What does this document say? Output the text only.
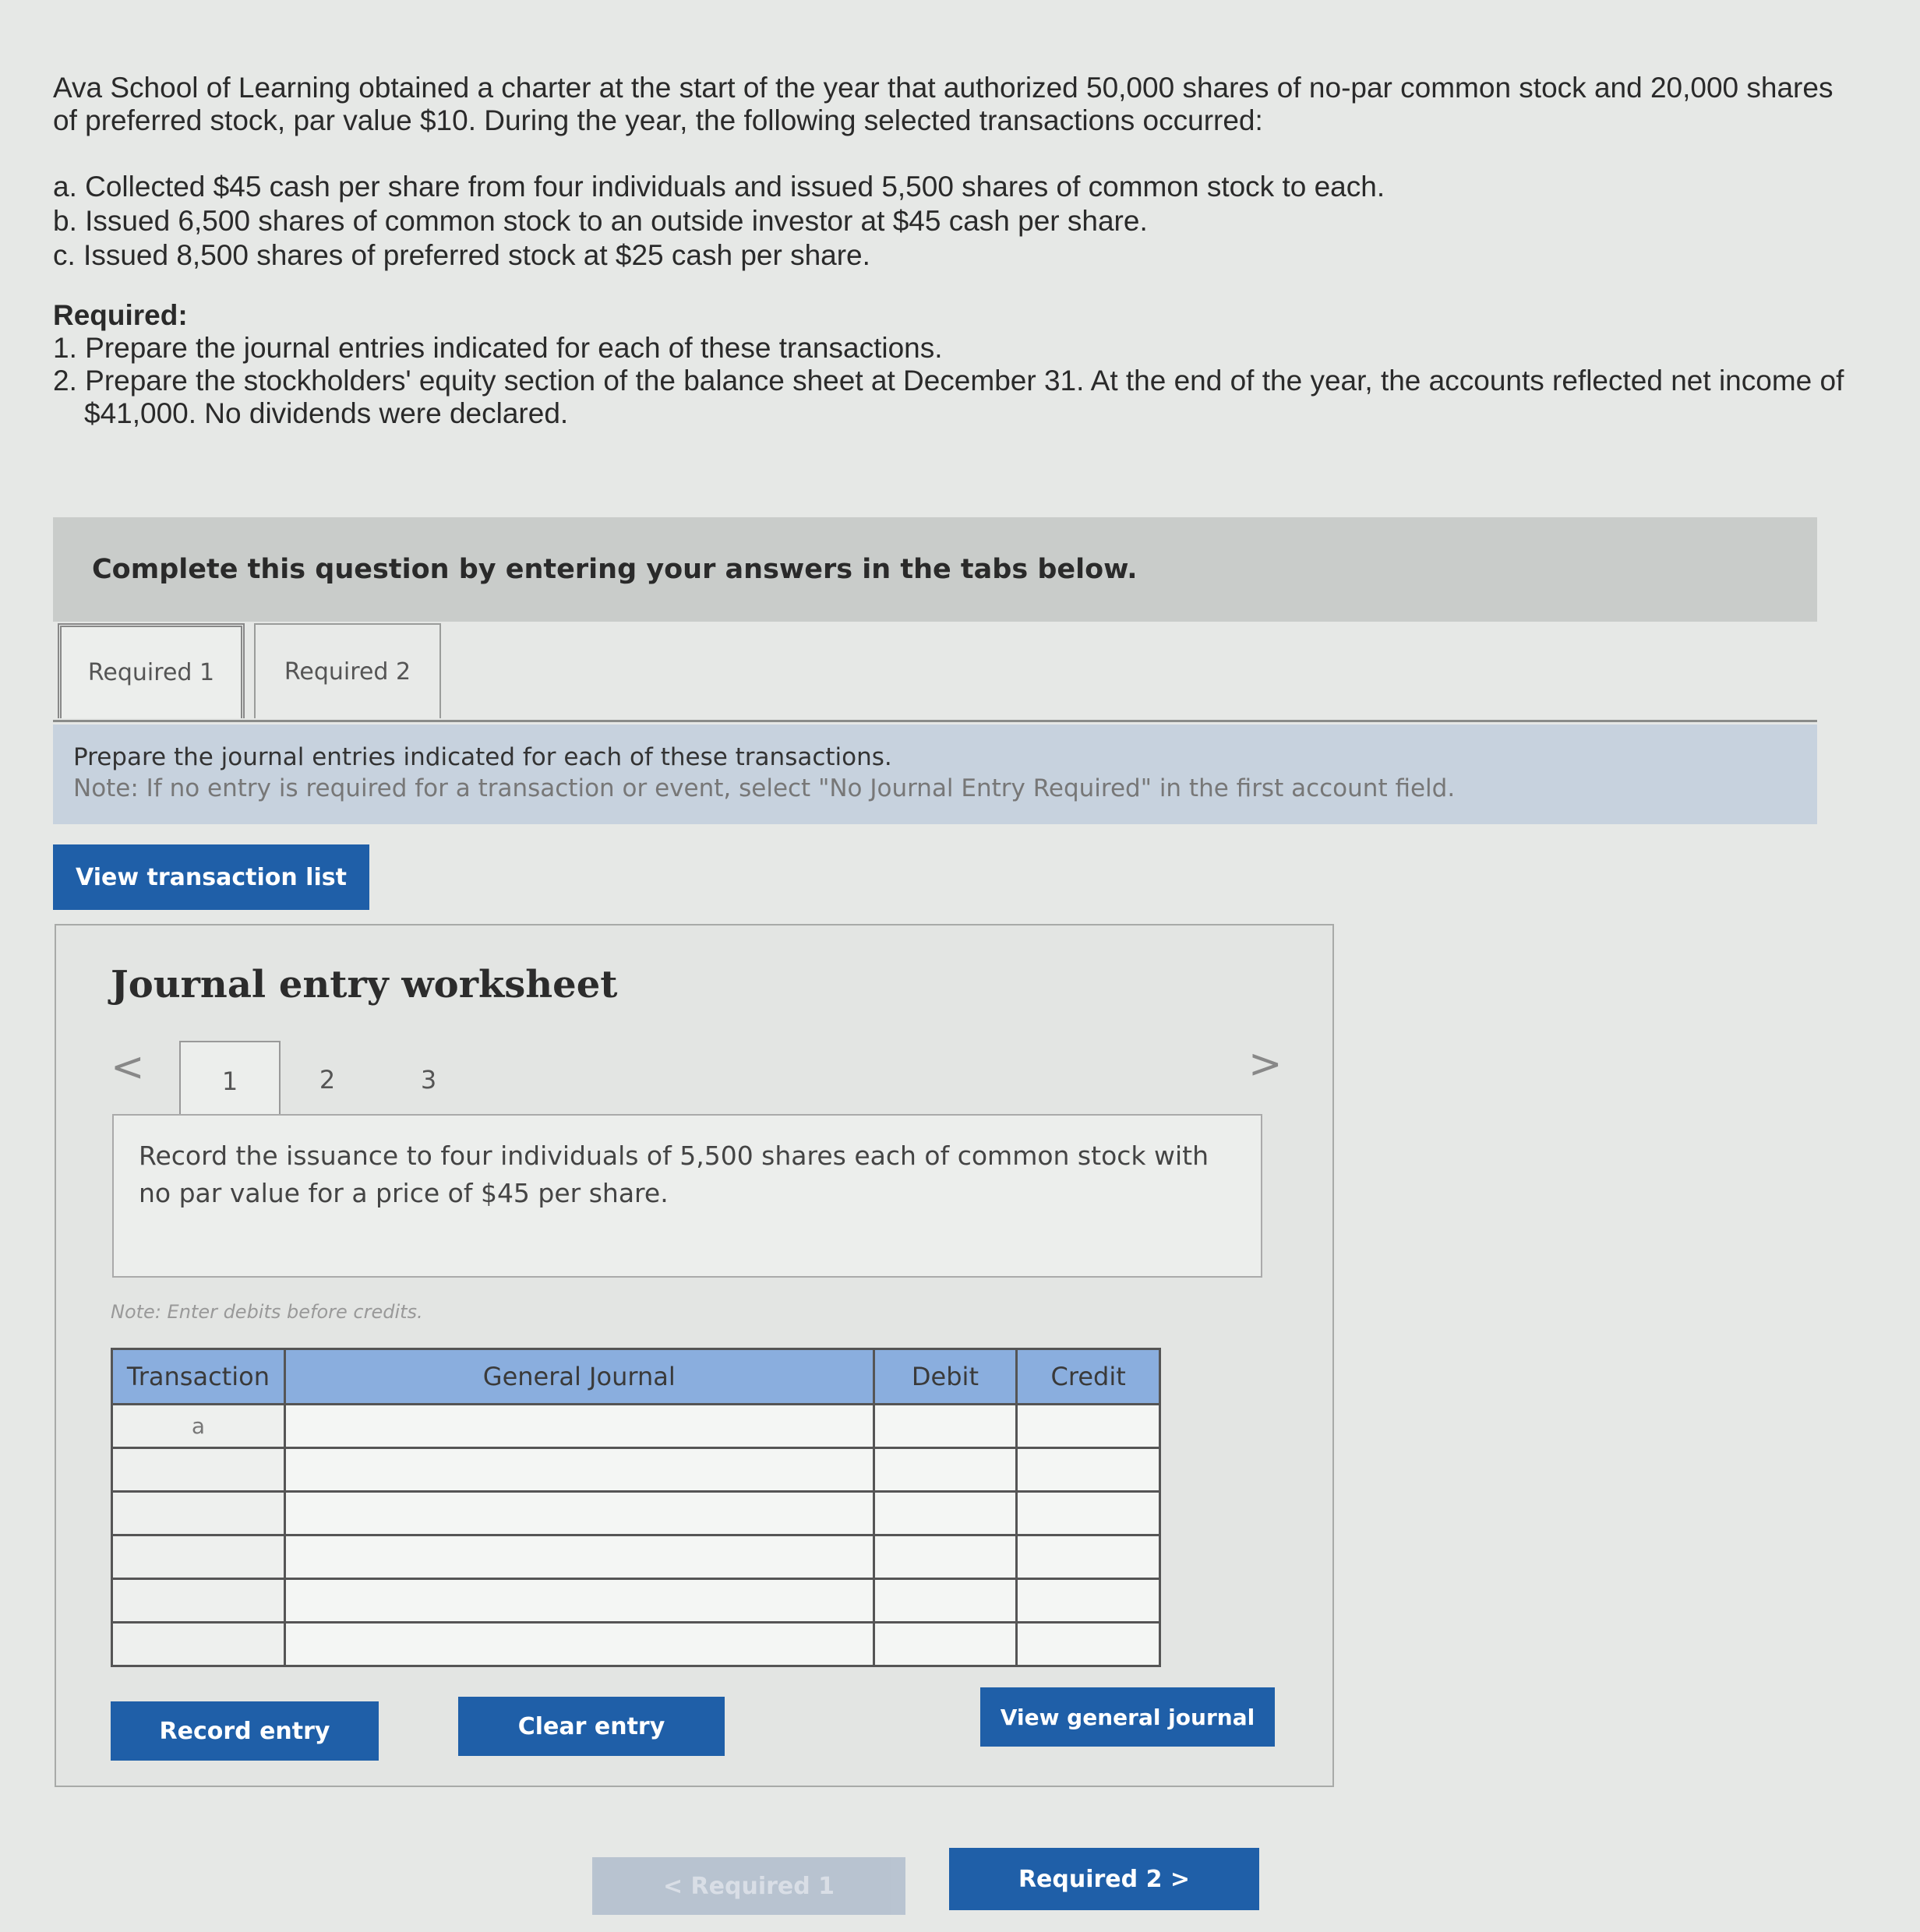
Ava School of Learning obtained a charter at the start of the year that authorized 50,000 shares of no-par common stock and 20,000 shares of preferred stock, par value $10. During the year, the following selected transactions occurred:

a. Collected $45 cash per share from four individuals and issued 5,500 shares of common stock to each.
b. Issued 6,500 shares of common stock to an outside investor at $45 cash per share.
c. Issued 8,500 shares of preferred stock at $25 cash per share.
Required:
1. Prepare the journal entries indicated for each of these transactions.
2. Prepare the stockholders' equity section of the balance sheet at December 31. At the end of the year, the accounts reflected net income of $41,000. No dividends were declared.
Complete this question by entering your answers in the tabs below.
Required 1	Required 2
Prepare the journal entries indicated for each of these transactions.
Note: If no entry is required for a transaction or event, select "No Journal Entry Required" in the first account field.
View transaction list
Journal entry worksheet
<	1	2	3	>
Record the issuance to four individuals of 5,500 shares each of common stock with no par value for a price of $45 per share.
Note: Enter debits before credits.
Transaction	General Journal	Debit	Credit
a			

Record entry	Clear entry	View general journal
< Required 1	Required 2 >
